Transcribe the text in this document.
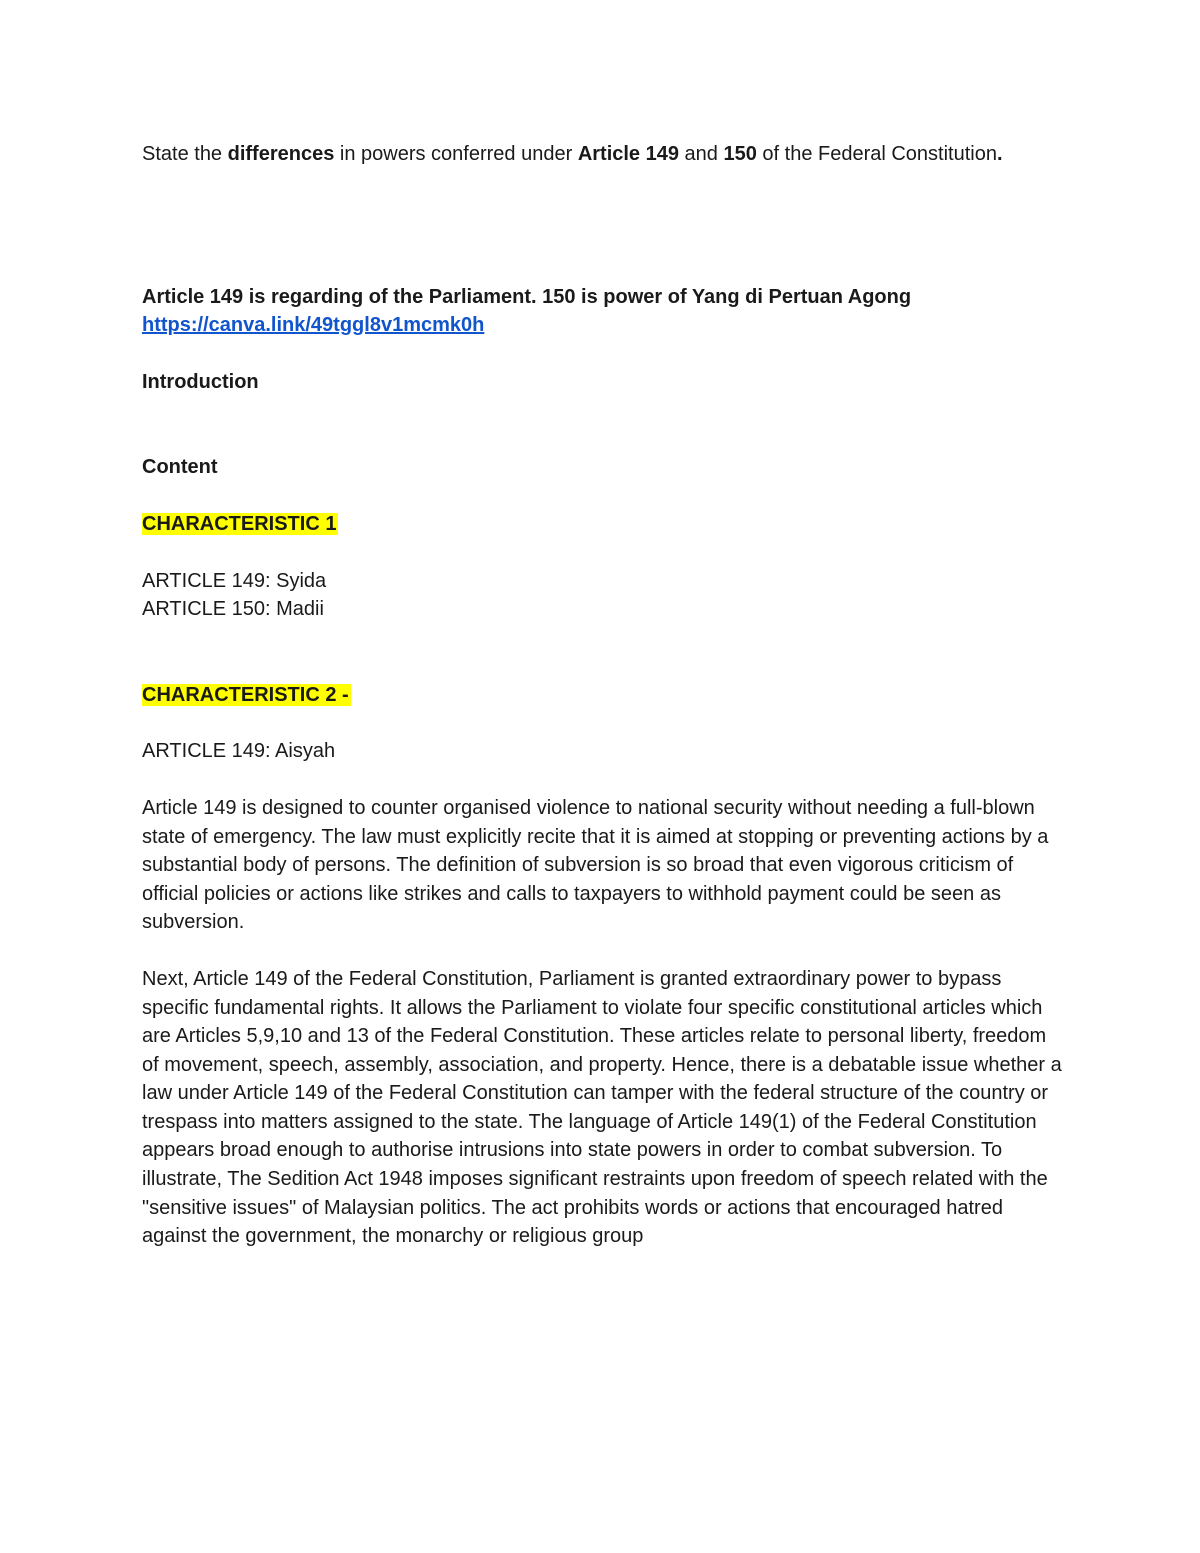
State the differences in powers conferred under Article 149 and 150 of the Federal Constitution.

Article 149 is regarding of the Parliament. 150 is power of Yang di Pertuan Agong

https://canva.link/49tggl8v1mcmk0h

Introduction

Content

CHARACTERISTIC 1

ARTICLE 149: Syida
ARTICLE 150: Madii

CHARACTERISTIC 2 -

ARTICLE 149: Aisyah

Article 149 is designed to counter organised violence to national security without needing a full-blown state of emergency. The law must explicitly recite that it is aimed at stopping or preventing actions by a substantial body of persons. The definition of subversion is so broad that even vigorous criticism of official policies or actions like strikes and calls to taxpayers to withhold payment could be seen as subversion.

Next, Article 149 of the Federal Constitution, Parliament is granted extraordinary power to bypass specific fundamental rights. It allows the Parliament to violate four specific constitutional articles which are Articles 5,9,10 and 13 of the Federal Constitution. These articles relate to personal liberty, freedom of movement, speech, assembly, association, and property. Hence, there is a debatable issue whether a law under Article 149 of the Federal Constitution can tamper with the federal structure of the country or trespass into matters assigned to the state. The language of Article 149(1) of the Federal Constitution appears broad enough to authorise intrusions into state powers in order to combat subversion. To illustrate, The Sedition Act 1948 imposes significant restraints upon freedom of speech related with the "sensitive issues" of Malaysian politics. The act prohibits words or actions that encouraged hatred against the government, the monarchy or religious group
